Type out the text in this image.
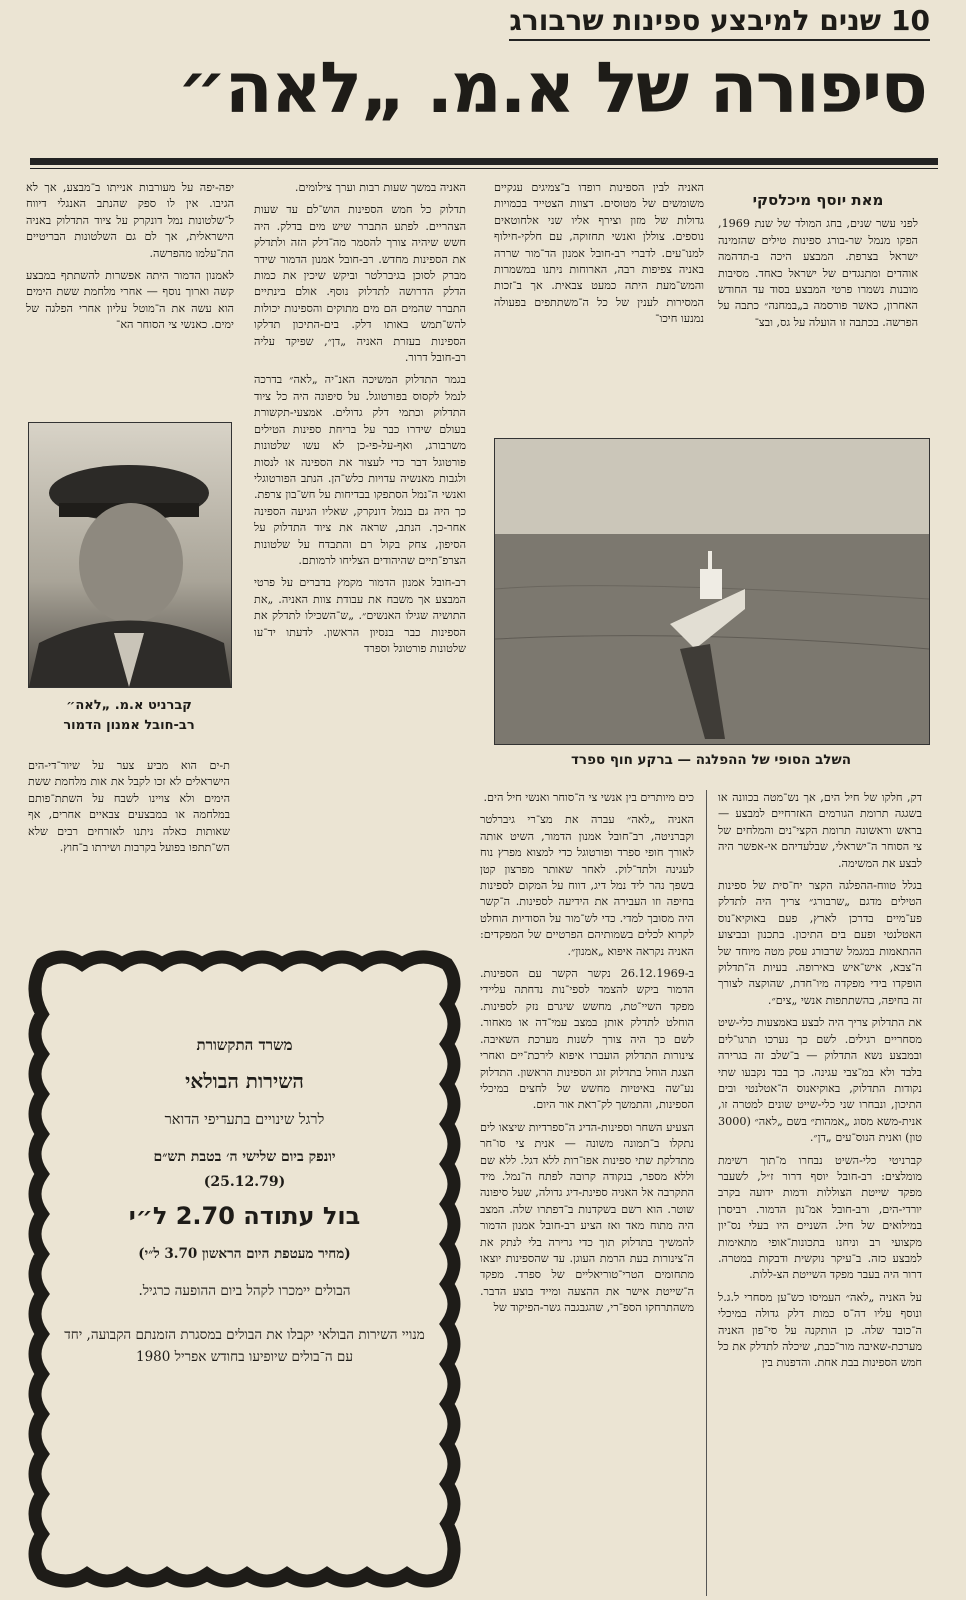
10שנים למיבצע ספינות שרבורג
סיפורה של א.מ. „לאה״
מאת יוסף מיכלסקי

לפני עשר שנים, בחג המולד של שנת 1969, הפקו מנמל שר-בורג ספינות טילים שהזמינה ישראל בצרפת. המבצע היכה ב-תדהמה אוהדים ומתנגדים של ישראל כאחד. מסיבות מובנות נשמרו פרטי המבצע בסוד עד החודש האחרון, כאשר פורסמה ב„במחנה״ כתבה על הפרשה. בכתבה זו הועלה על גס, ובצ־

האניה לבין הספינות רופדו ב־צמיגים עגקיים משומשים של מטוסים. דצוות הצטייד בכמויות גדולות של מזון וצירף אליו שני אלחוטאים נוספים. צוללן ואנשי תחזוקה, עם חלקי-חילוף למנו־עים. לדברי רב-חובל אמנון הד־מור שררה באניה צפיפות רבה, הארוחות ניתנו במשמרות והמש־מעת היתה כמעט צבאית. אך ב־זכות המסירות לענין של כל ה־משתתפים בפעולה נמנעו חיכו־

האניה במשך שעות רבות וערך צילומים.

תדלוק כל חמש הספינות הוש־לם עד שעות הצהריים. לפתע התברר שיש מים בדלק. היה חשש שיהיה צורך להסמר מה־דלק הזה ולתדלק את הספינות מחדש. רב-חובל אמנון הדמור שידר מברק לסוכן בגיברלטר וביקש שיכין את כמות הדלק הדרושה לתדלוק נוסף. אולם בינתיים התברר שהמים הם מים מתוקים והספינות יכולות להש־תמש באותו דלק. בים-התיכון תדלקו הספינות בעזרת האניה „דן״, שפיקד עליה רב-חובל דרור.

בגמר התדלוק המשיכה האנ־יה „לאה״ בדרכה לנמל לקסוס בפורטוגל. על סיפונה היה כל ציוד התדלוק וכתמי דלק גדולים. אמצעי-תקשורת בעולם שידרו כבר על בריחת ספינות הטילים משרבורג, ואף-על-פי-כן לא עשו שלטונות פורטוגל דבר כדי לעצור את הספינה או לנסות ולגבות מאנשיה עדויות כלש־הן. הנתב הפורטוגלי ואנשי ה־נמל הסתפקו בבדיחות על חש־בון צרפת. כך היה גם בנמל דונקרק, שאליו הגיעה הספינה אחר-כך. הנתב, שראה את ציוד התדלוק על הסיפון, צחק בקול רם והתבדח על שלטונות הצרפ־תיים שהיהודים הצליחו לרמותם.

רב-חובל אמנון הדמור מקמץ בדברים על פרטי המבצע אך משבח את עבודת צוות האניה. „את התושיה שגילו האנשים״. „ש־השכילו לתדלק את הספינות כבר בנסיון הראשון. לדעתו יד־עו שלטונות פורטוגל וספרד

יפה-יפה על מעורבות אנייתו ב־מבצע, אך לא הגיבו. אין לו ספק שהנתב האנגלי דיווח ל־שלטונות נמל דונקרק על ציוד התדלוק באניה הישראלית, אך לם גם השלטונות הבריטיים הת־עלמו מהפרשה.

לאמנון הדמור היתה אפשרות להשתתף במבצע קשה וארוך נוסף — אחרי מלחמת ששת הימים הוא עשה את ה־מוטל עליון אחרי הפלגה של ימים. כאנשי צי הסוחר הא־

קברניט א.מ. „לאה״
רב-חובל אמנון הדמור

ת-ים הוא מביע צער על שיור־די-הים הישראלים לא זכו לקבל את אות מלחמת ששת הימים ולא צויינו לשבח על השתת־פותם במלחמה או במבצעים צבאיים אחרים, אף שאותות כאלה ניתנו לאזרחים רבים שלא הש־תתפו בפועל בקרבות ושירתו ב־חוץ.

השלב הסופי של ההפלגה — ברקע חוף ספרד

דק, חלקו של חיל הים, אך נש־מטה בכוונה או בשגגה תרומת הגורמים האזרחיים למבצע — בראש וראשונה תרומת הקצי־נים והמלחים של צי הסוחר ה־ישראלי, שבלעדיהם אי-אפשר היה לבצע את המשימה.

בגלל טווח-ההפלגה הקצר יח־סית של ספינות הטילים מדגם „שרבורג״ צריך היה לתדלק פע־מיים בדרכן לארץ, פעם באוקיא־נוס האטלנטי ופעם בים התיכון. בתכנון ובביצוע ההתאמות במגמל שרבורג עסק מטה מיוחד של ה־צבא, איש־איש באירופה. בעיות ה־תדלוק הופקדו בידי מפקדה מיו־חדת, שהוקצה לצורך זה בחיפה, בהשתתפות אנשי „צים״.

את התדלוק צריך היה לבצע באמצעות כלי-שיט מסחריים רגילים. לשם כך נערכו תרגו־לים ובמבצע נשא התדלוק — ב־שלב זה בגרירה בלבד ולא במ־צבי עגינה. כך בבד נקבעו שתי נקודות התדלוק, באוקיאנוס ה־אטלנטי ובים התיכון, ונבחרו שני כלי-שייט שונים למטרה זו, אנית-משא מסוג „אמהות״ בשם „לאה״ (3000 טון) ואנית הנוס־עים „דן״.

קברניטי כלי-השיט נבחרו מ־תוך רשימת מומלצים: רב-חובל יוסף דרור ז״ל, לשעבר מפקד שייטת הצוללות ודמות ידועה בקרב יורדי-הים, ורב-חובל אמ־נון הדמור. רביסרן במילואים של חיל. השניים היו בעלי נס־יון מקצועי רב וניחנו בתכונות־אופי מתאימות למבצע כזה. ב־עיקר נוקשית ודבקות במטרה. דרור היה בעבר מפקד השייטת הצ-ללות.

על האניה „לאה״ העמיסו כש־ען מסחרי ל.ג.ל ונוסף עליו דה־ס כמות דלק גדולה במיכלי ה־כובד שלה. כן הותקנה על סי־פון האניה מערכת-שאיבה מור־כבת, שיכלה לתדלק את כל חמש הספינות בבת אחת. והדפנות בין

כים מיותרים בין אנשי צי ה־סוחר ואנשי חיל הים.

האניה „לאה״ עברה את מצ־רי גיברלטר וקברניטה, רב־חובל אמנון הדמור, השיט אותה לאורך חופי ספרד ופורטוגל כדי למצוא מפרץ נוח לעגינה ולתד־לוק. לאחר שאותר מפרצון קטן בשפך נהר ליד נמל דיג, דווח על המקום לספינות בחיפה וזו העבירה את הידיעה לספינות. ה־קשר היה מסובך למדי. כדי לש־מור על הסודיות הוחלט לקרוא לכלים בשמותיהם הפרטיים של המפקדים: האניה נקראה איפוא „אמנון״.

ב-26.12.1969 נקשר הקשר עם הספינות. הדמור ביקש להצמד לספי־נות נדחתה עליידי מפקד השיי־טת, מחשש שיגרם נזק לספינות. הוחלט לתדלק אותן במצב עמי־דה או מאחור. לשם כך היה צורך לשנות מערכת השאיבה. צינורות התדלוק הועברו איפוא לירכת־יים ואחרי הצגת הוחל בתדלוק זוג הספינות הראשון. התדלוק נע־שה באיטיות מחשש של לחצים במיכלי הספינות, והתמשך לק־ראת אור היום.

הצעיע השחר וספינות-הדיג ה־ספרדיות שיצאו לים נתקלו ב־תמונה משונה — אנית צי סו־חר מתדלקת שתי ספינות אפו־רות ללא דגל. ללא שם וללא מספר, בנקודה קרובה לפתח ה־נמל. מיד התקרבה אל האניה ספינת-דיג גדולה, שעל סיפונה שוטר. הוא רשם בשקדנות ב־דפתרו שלה. המצב היה מתוח מאד ואז הציע רב-חובל אמנון הדמור להמשיך בתדלוק תוך כדי גרירה בלי לנתק את ה־צינורות בעת הרמת העוגן. עד שהספינות יוצאו מתחומים הטרי־טוריאליים של ספרד. מפקד ה־שייטת אישר את ההצעה ומייד בוצע הדבר. משהתרחקו הספ־רי, שהגבגבה גשר-הפיקוד של

משרד התקשורת
השירות הבולאי
לרגל שינויים בתעריפי הדואר
יונפק ביום שלישי ה׳ בטבת תש״ם
(25.12.79)
בול עתודה 2.70 ל״י
(מחיר מעטפת היום הראשון 3.70 ל״י)
הבולים יימכרו לקהל ביום ההופעה כרגיל.
מנויי השירות הבולאי יקבלו את הבולים במסגרת הזמנתם הקבועה, יחד עם ה־בולים שיופיעו בחודש אפריל 1980
